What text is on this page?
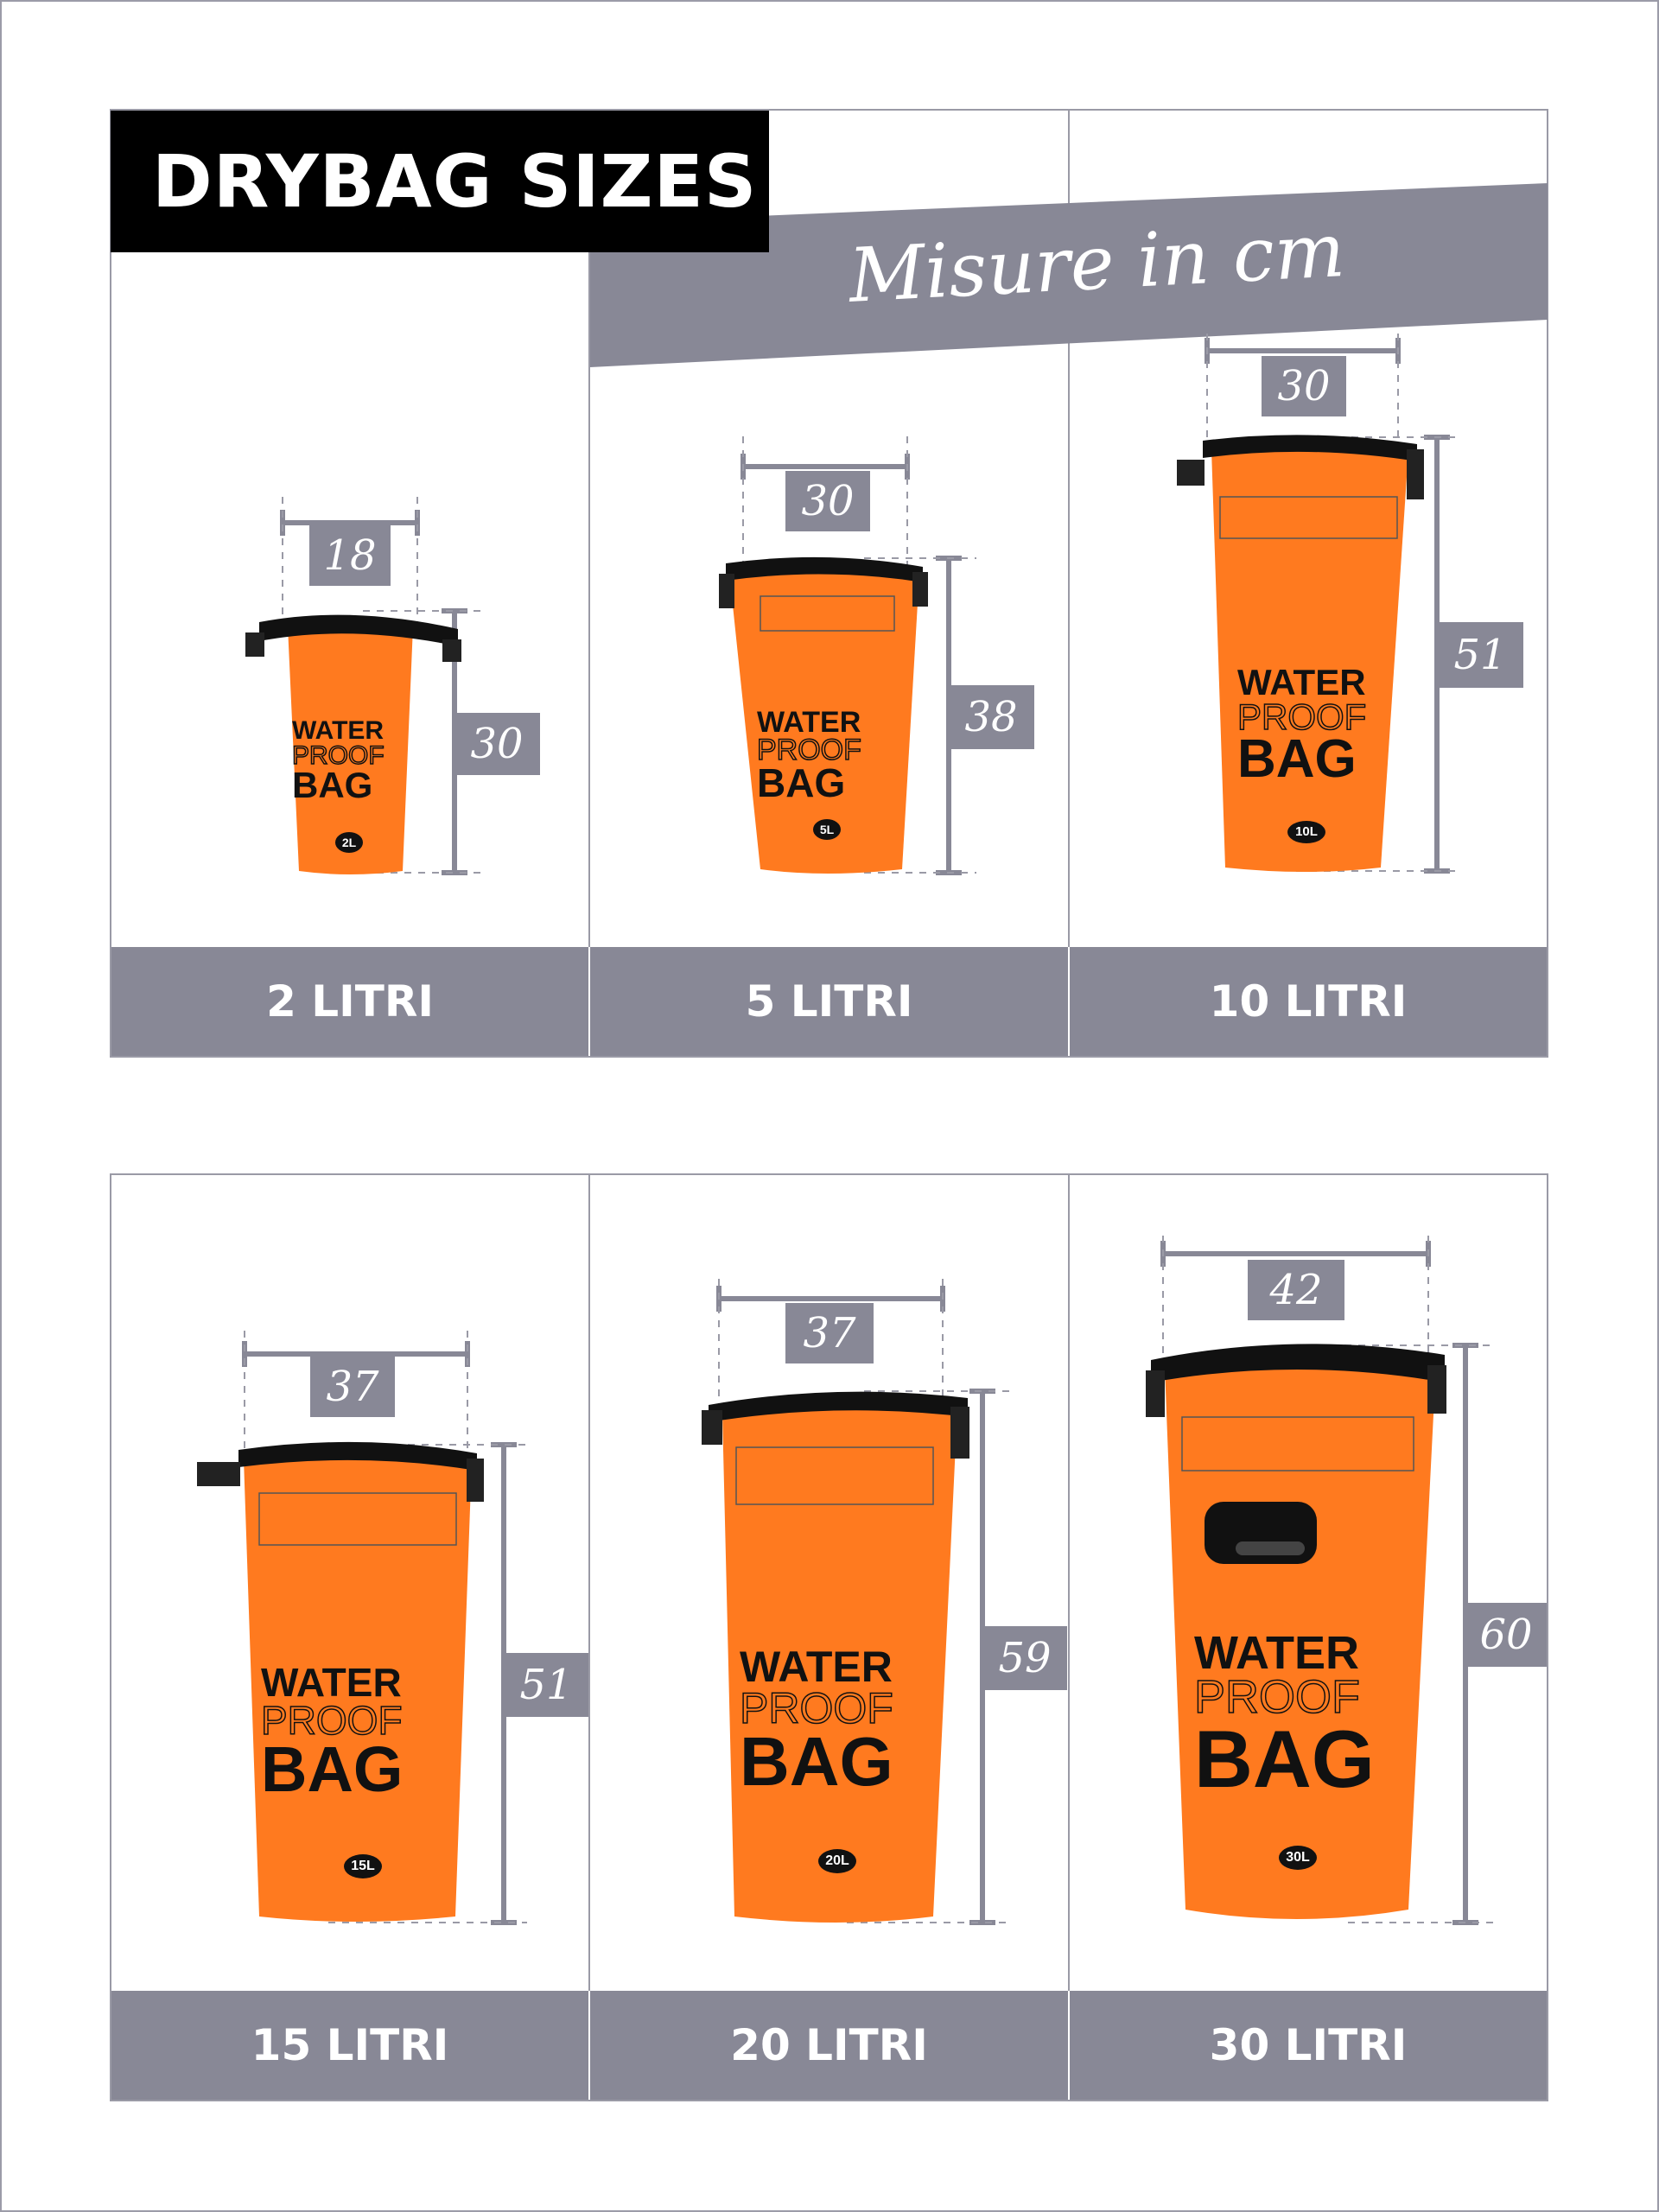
Misure in cm
DRYBAG SIZES
2 LITRI	5 LITRI	10 LITRI
15 LITRI	20 LITRI	30 LITRI
18
30
30
38
30
51
37
51
37
59
42
60
WATER
PROOF
BAG
2L
WATER
PROOF
BAG
5L
WATER
PROOF
BAG
10L
WATER
PROOF
BAG
15L
WATER
PROOF
BAG
20L
WATER
PROOF
BAG
30L
